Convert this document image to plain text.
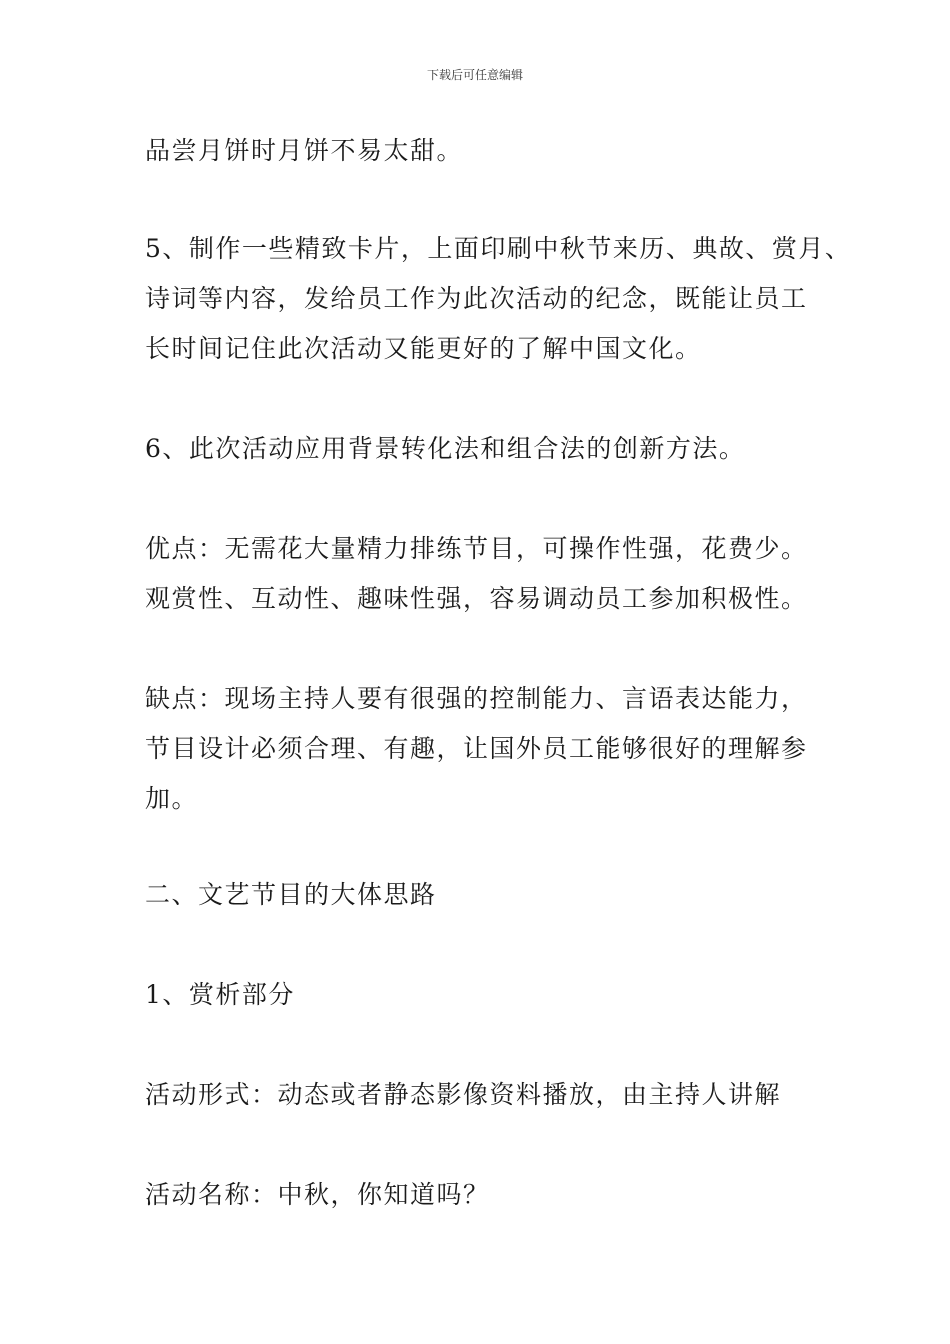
下载后可任意编辑
品尝月饼时月饼不易太甜。
5、制作一些精致卡片，上面印刷中秋节来历、典故、赏月、
诗词等内容，发给员工作为此次活动的纪念，既能让员工
长时间记住此次活动又能更好的了解中国文化。
6、此次活动应用背景转化法和组合法的创新方法。
优点：无需花大量精力排练节目，可操作性强，花费少。
观赏性、互动性、趣味性强，容易调动员工参加积极性。
缺点：现场主持人要有很强的控制能力、言语表达能力，
节目设计必须合理、有趣，让国外员工能够很好的理解参
加。
二、文艺节目的大体思路
1、赏析部分
活动形式：动态或者静态影像资料播放，由主持人讲解
活动名称：中秋，你知道吗？
